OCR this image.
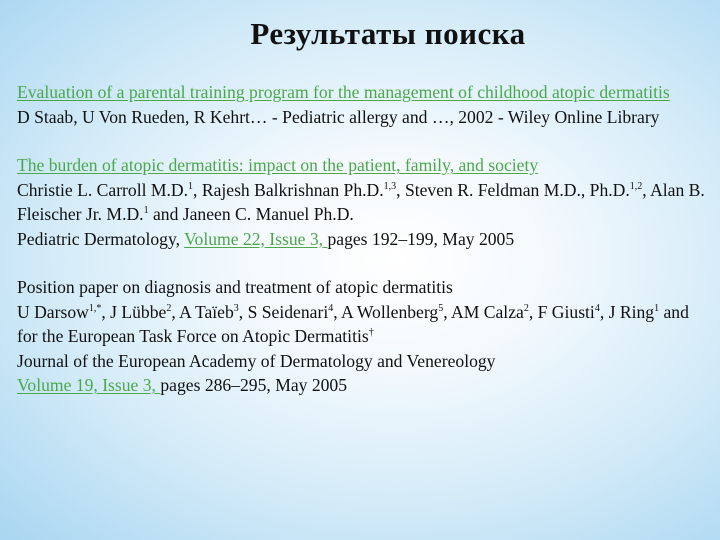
Результаты поиска
Evaluation of a parental training program for the management of childhood atopic dermatitis
D Staab, U Von Rueden, R Kehrt… - Pediatric allergy and …, 2002 - Wiley Online Library
The burden of atopic dermatitis: impact on the patient, family, and society
Christie L. Carroll M.D.$^1$, Rajesh Balkrishnan Ph.D.$^{1,3}$, Steven R. Feldman M.D., Ph.D.$^{1,2}$, Alan B. Fleischer Jr. M.D.$^1$ and Janeen C. Manuel Ph.D.
Pediatric Dermatology, Volume 22, Issue 3, pages 192–199, May 2005
Position paper on diagnosis and treatment of atopic dermatitis
U Darsow$^{1,*}$, J Lübbe$^2$, A Taïeb$^3$, S Seidenari$^4$, A Wollenberg$^5$, AM Calza$^2$, F Giusti$^4$, J Ring$^1$ and for the European Task Force on Atopic Dermatitis†
Journal of the European Academy of Dermatology and Venereology
Volume 19, Issue 3, pages 286–295, May 2005
